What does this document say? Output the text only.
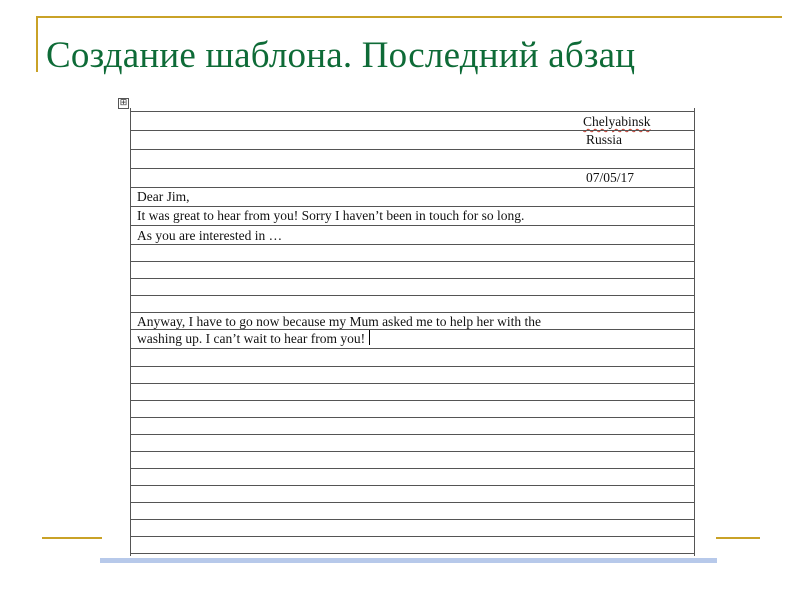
Создание шаблона. Последний абзац
⊞
Chelyabinsk
Russia
07/05/17
Dear Jim,
It was great to hear from you! Sorry I haven’t been in touch for so long.
As you are interested in …
Anyway, I have to go now because my Mum asked me to help her with the
washing up. I can’t wait to hear from you!
